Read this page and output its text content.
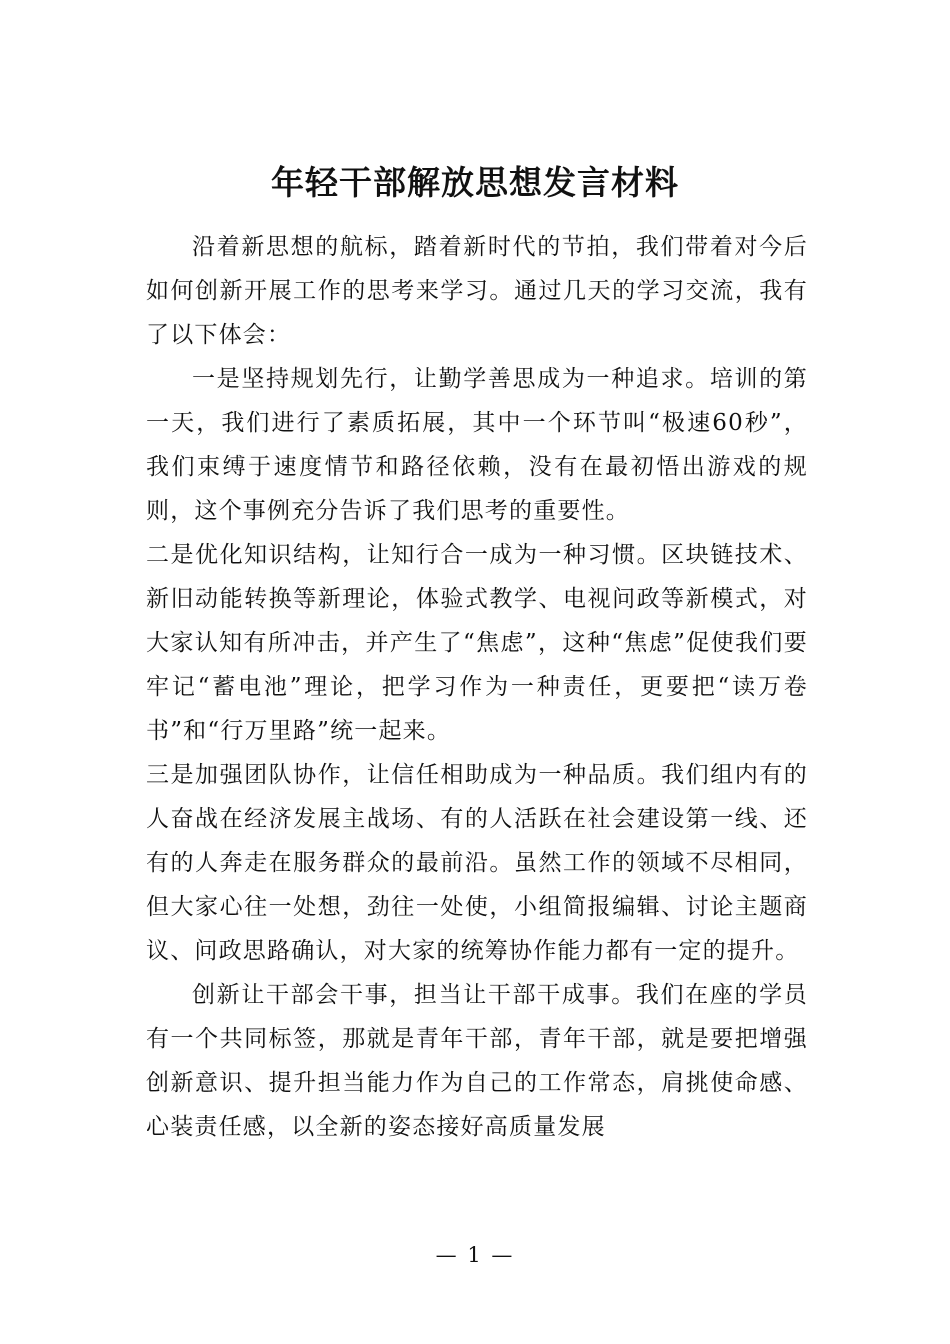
年轻干部解放思想发言材料

沿着新思想的航标，踏着新时代的节拍，我们带着对今后如何创新开展工作的思考来学习。通过几天的学习交流，我有了以下体会：

一是坚持规划先行，让勤学善思成为一种追求。培训的第一天，我们进行了素质拓展，其中一个环节叫“极速60秒”，我们束缚于速度情节和路径依赖，没有在最初悟出游戏的规则，这个事例充分告诉了我们思考的重要性。

二是优化知识结构，让知行合一成为一种习惯。区块链技术、新旧动能转换等新理论，体验式教学、电视问政等新模式，对大家认知有所冲击，并产生了“焦虑”，这种“焦虑”促使我们要牢记“蓄电池”理论，把学习作为一种责任，更要把“读万卷书”和“行万里路”统一起来。

三是加强团队协作，让信任相助成为一种品质。我们组内有的人奋战在经济发展主战场、有的人活跃在社会建设第一线、还有的人奔走在服务群众的最前沿。虽然工作的领域不尽相同，但大家心往一处想，劲往一处使，小组简报编辑、讨论主题商议、问政思路确认，对大家的统筹协作能力都有一定的提升。

创新让干部会干事，担当让干部干成事。我们在座的学员有一个共同标签，那就是青年干部，青年干部，就是要把增强创新意识、提升担当能力作为自己的工作常态，肩挑使命感、心装责任感，以全新的姿态接好高质量发展

— 1 —
